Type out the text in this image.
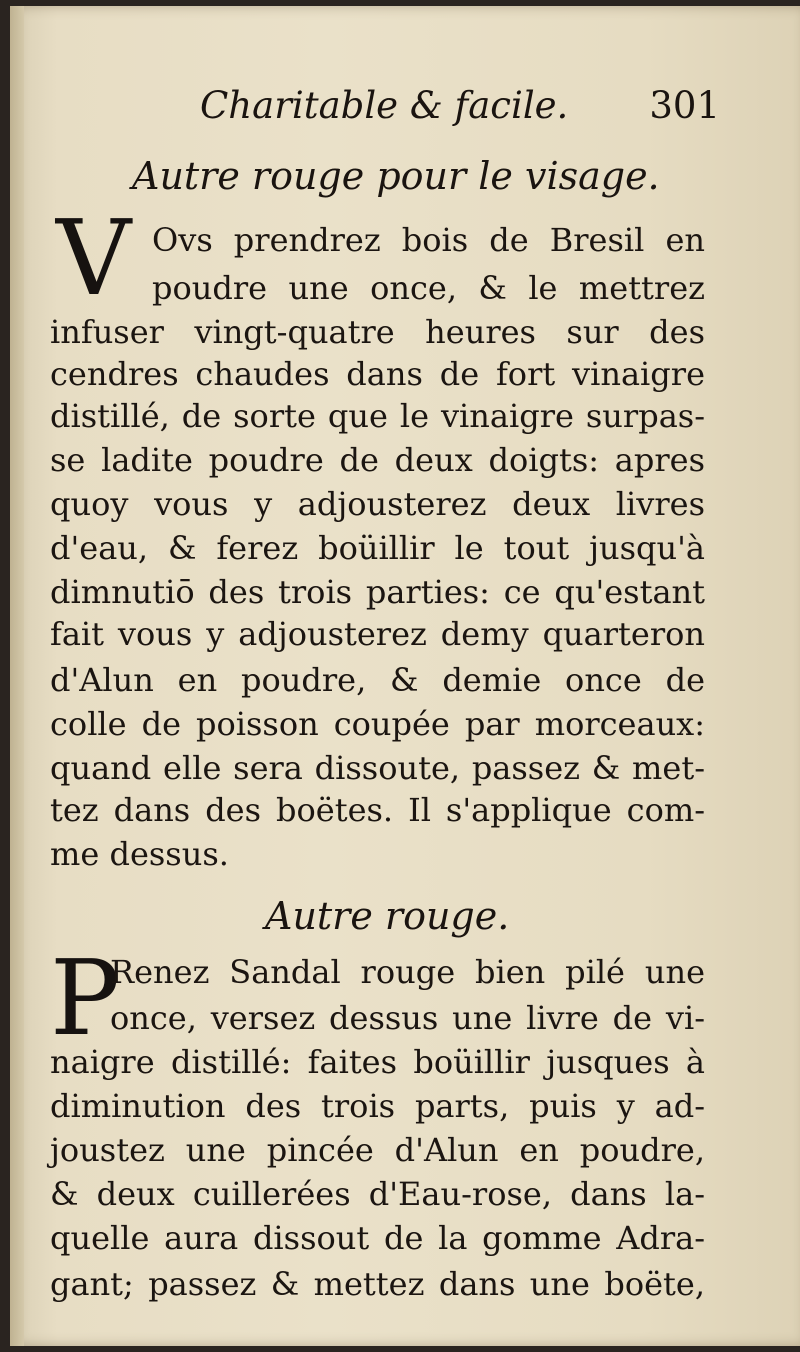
Charitable & facile. 301
Autre rouge pour le visage.
V Ovs prendrez bois de Bresil en
poudre une once, & le mettrez
infuser vingt-quatre heures sur des
cendres chaudes dans de fort vinaigre
distillé, de sorte que le vinaigre surpas-
se ladite poudre de deux doigts: apres
quoy vous y adjousterez deux livres
d'eau, & ferez boüillir le tout jusqu'à
dimnutiō des trois parties: ce qu'estant
fait vous y adjousterez demy quarteron
d'Alun en poudre, & demie once de
colle de poisson coupée par morceaux:
quand elle sera dissoute, passez & met-
tez dans des boëtes. Il s'applique com-
me dessus.
Autre rouge.
P
Renez Sandal rouge bien pilé une
once, versez dessus une livre de vi-
naigre distillé: faites boüillir jusques à
diminution des trois parts, puis y ad-
joustez une pincée d'Alun en poudre,
& deux cuillerées d'Eau-rose, dans la-
quelle aura dissout de la gomme Adra-
gant; passez & mettez dans une boëte,
